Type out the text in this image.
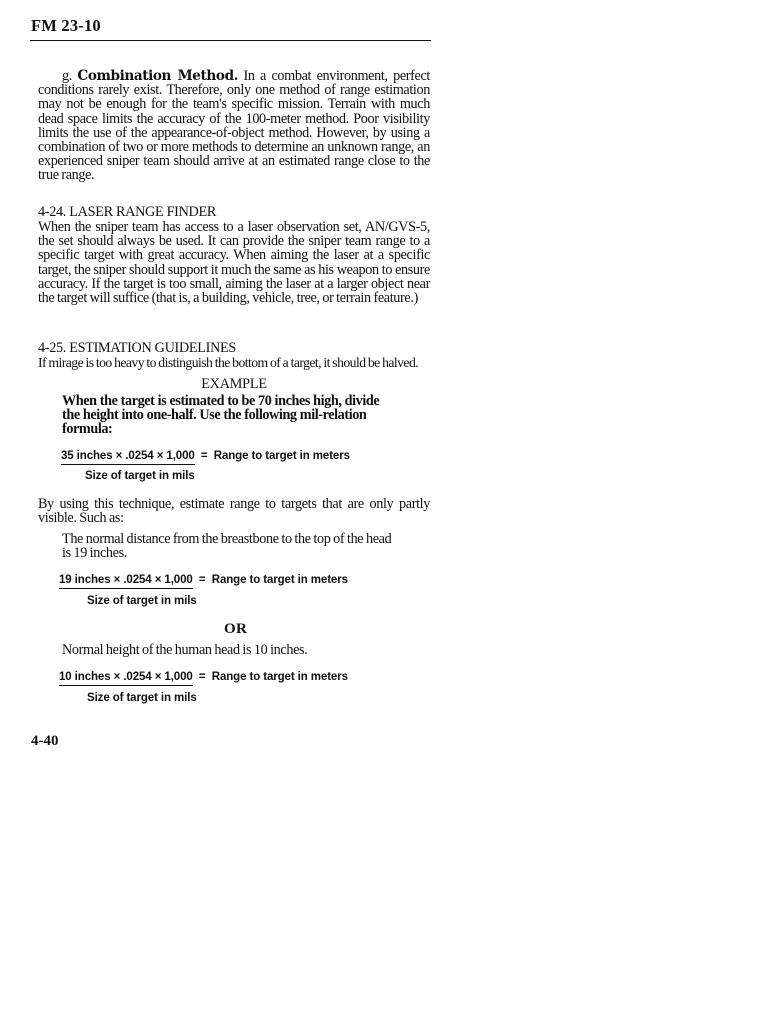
FM 23-10

g. Combination Method. In a combat environment, perfect conditions rarely exist. Therefore, only one method of range estimation may not be enough for the team's specific mission. Terrain with much dead space limits the accuracy of the 100-meter method. Poor visibility limits the use of the appearance-of-object method. However, by using a combination of two or more methods to determine an unknown range, an experienced sniper team should arrive at an estimated range close to the true range.

4-24. LASER RANGE FINDER

When the sniper team has access to a laser observation set, AN/GVS-5, the set should always be used. It can provide the sniper team range to a specific target with great accuracy. When aiming the laser at a specific target, the sniper should support it much the same as his weapon to ensure accuracy. If the target is too small, aiming the laser at a larger object near the target will suffice (that is, a building, vehicle, tree, or terrain feature.)

4-25. ESTIMATION GUIDELINES

If mirage is too heavy to distinguish the bottom of a target, it should be halved.

EXAMPLE

When the target is estimated to be 70 inches high, divide the height into one-half. Use the following mil-relation formula:

35 inches × .0254 × 1,000 = Range to target in meters
Size of target in mils

By using this technique, estimate range to targets that are only partly visible. Such as:

The normal distance from the breastbone to the top of the head is 19 inches.

19 inches × .0254 × 1,000 = Range to target in meters
Size of target in mils
OR

Normal height of the human head is 10 inches.

10 inches × .0254 × 1,000 = Range to target in meters
Size of target in mils
4-40
